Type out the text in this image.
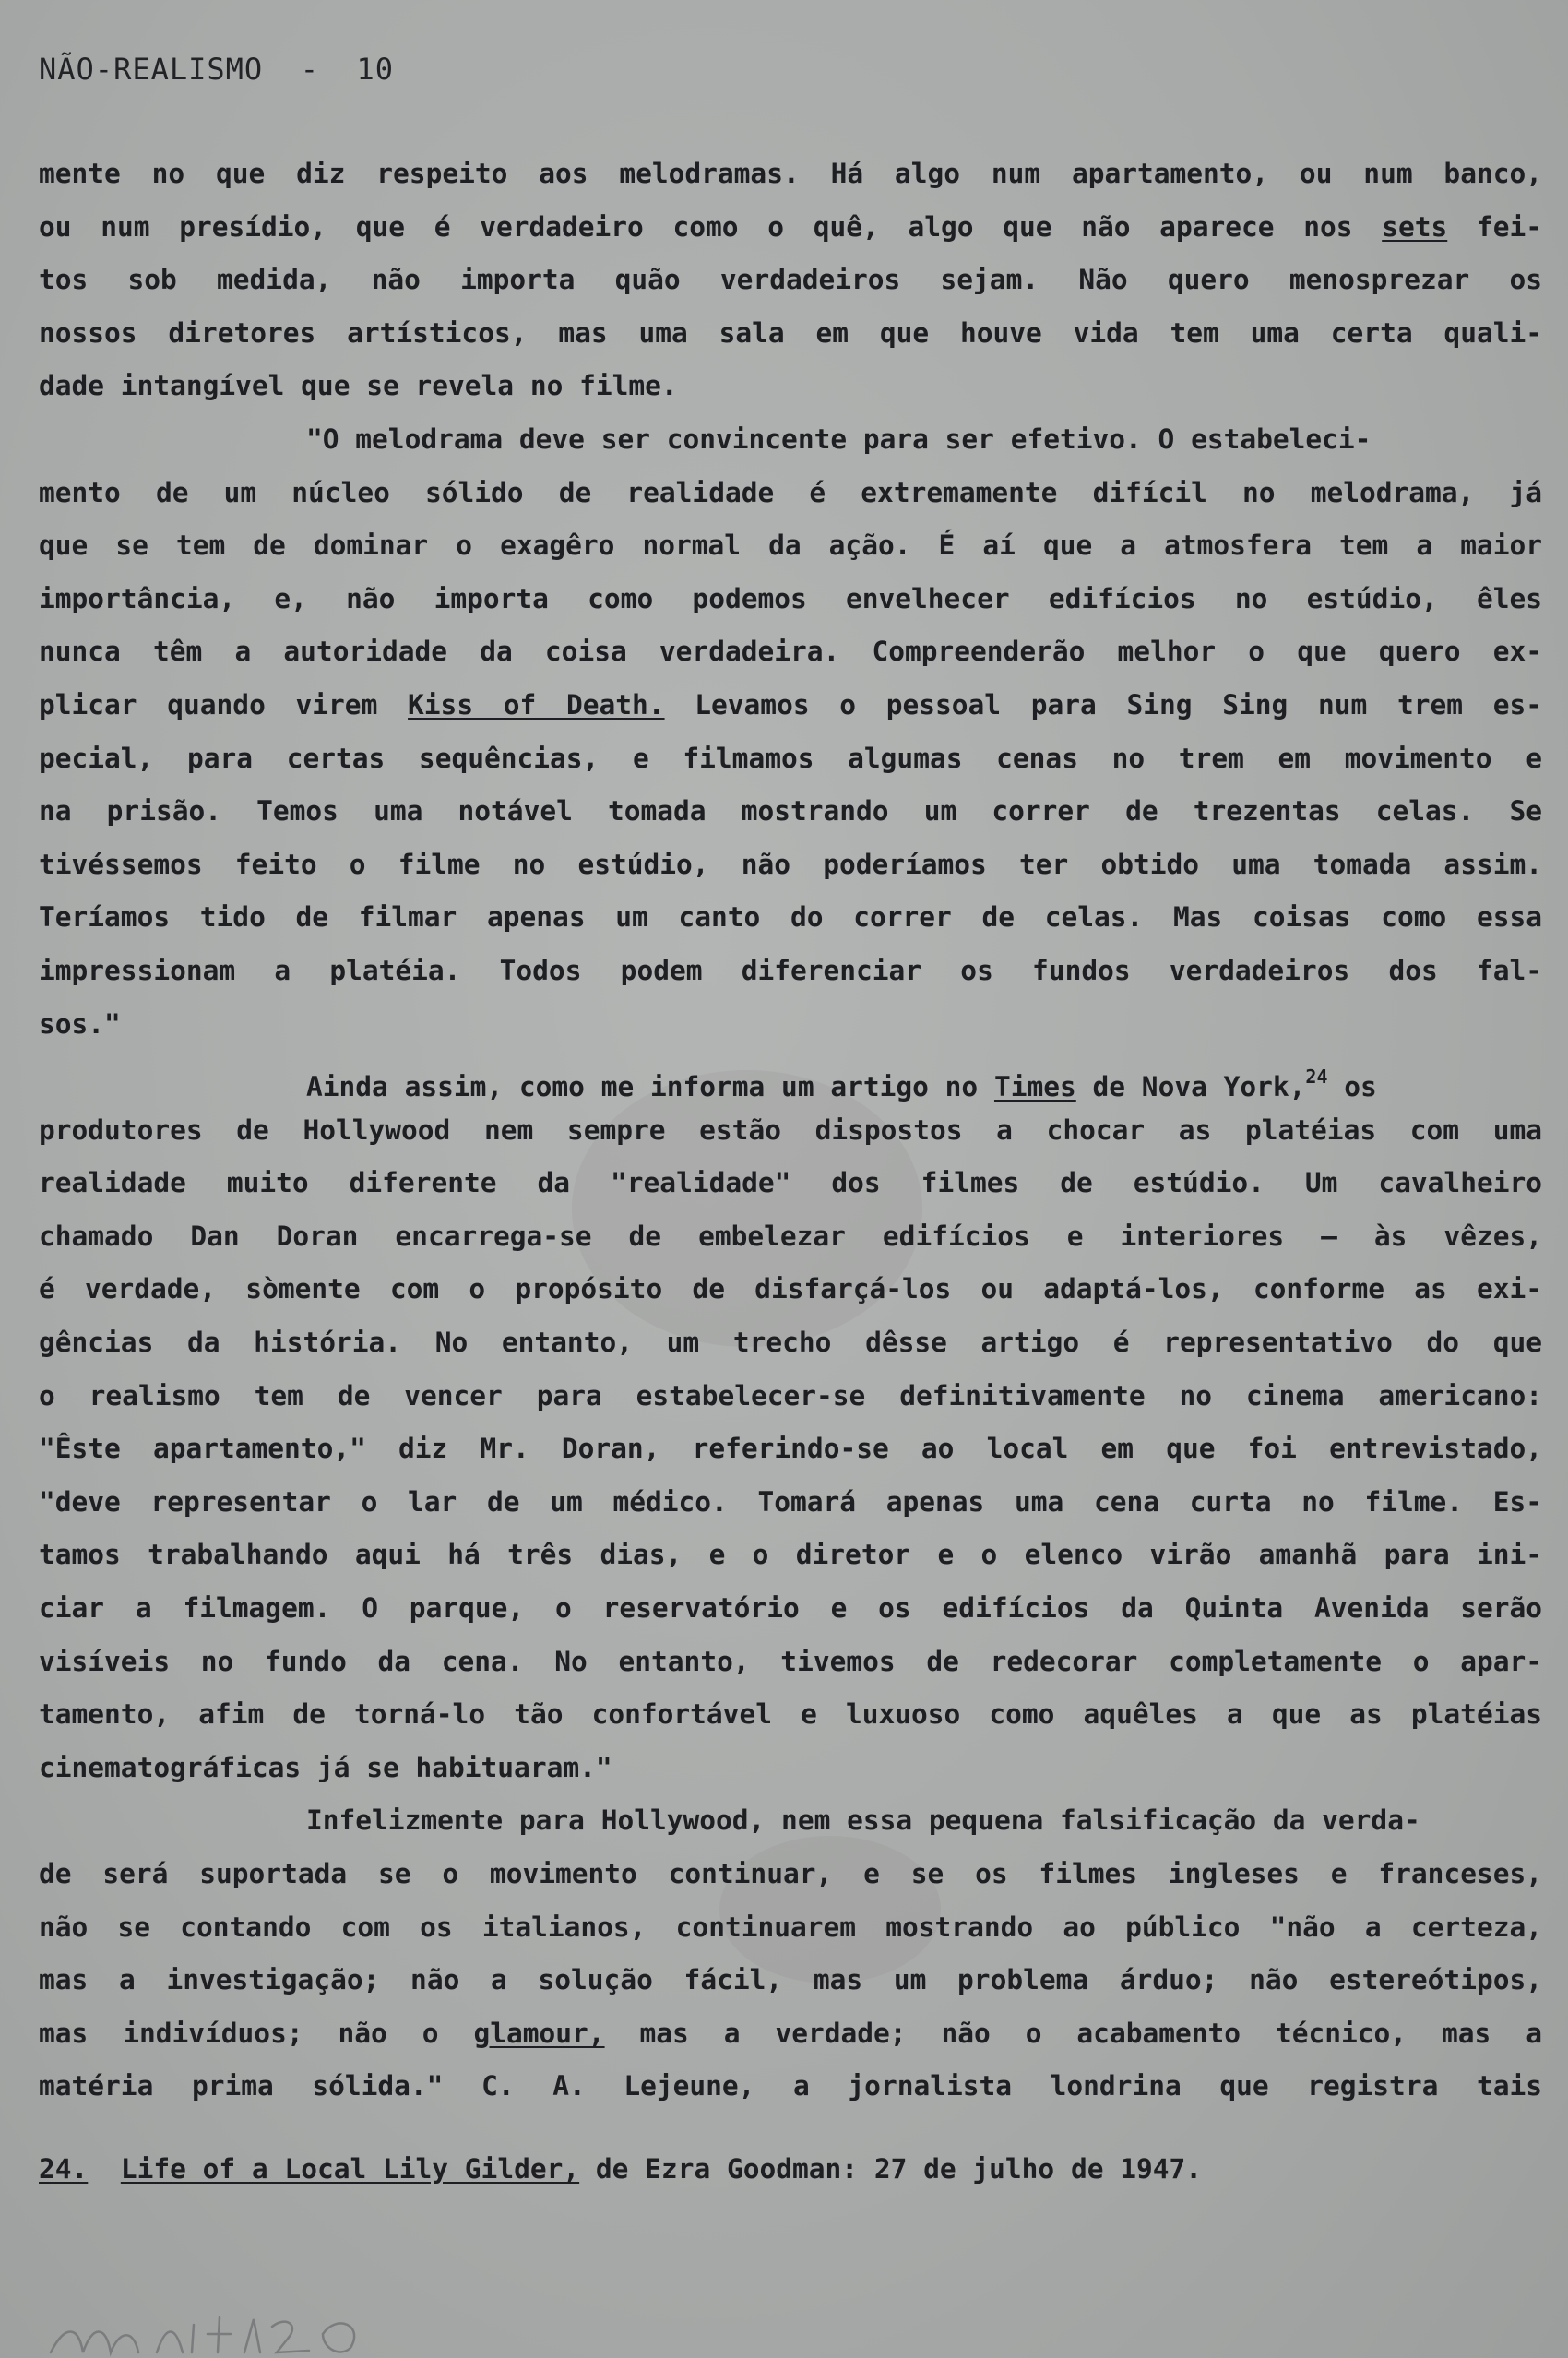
NÃO-REALISMO - 10
mente no que diz respeito aos melodramas. Há algo num apartamento, ou num banco,
ou num presídio, que é verdadeiro como o quê, algo que não aparece nos sets fei-
tos sob medida, não importa quão verdadeiros sejam. Não quero menosprezar os
nossos diretores artísticos, mas uma sala em que houve vida tem uma certa quali-
dade intangível que se revela no filme.
"O melodrama deve ser convincente para ser efetivo. O estabeleci-
mento de um núcleo sólido de realidade é extremamente difícil no melodrama, já
que se tem de dominar o exagêro normal da ação. É aí que a atmosfera tem a maior
importância, e, não importa como podemos envelhecer edifícios no estúdio, êles
nunca têm a autoridade da coisa verdadeira. Compreenderão melhor o que quero ex-
plicar quando virem Kiss of Death. Levamos o pessoal para Sing Sing num trem es-
pecial, para certas sequências, e filmamos algumas cenas no trem em movimento e
na prisão. Temos uma notável tomada mostrando um correr de trezentas celas. Se
tivéssemos feito o filme no estúdio, não poderíamos ter obtido uma tomada assim.
Teríamos tido de filmar apenas um canto do correr de celas. Mas coisas como essa
impressionam a platéia. Todos podem diferenciar os fundos verdadeiros dos fal-
sos."
Ainda assim, como me informa um artigo no Times de Nova York,$^{24}$ os
produtores de Hollywood nem sempre estão dispostos a chocar as platéias com uma
realidade muito diferente da "realidade" dos filmes de estúdio. Um cavalheiro
chamado Dan Doran encarrega-se de embelezar edifícios e interiores — às vêzes,
é verdade, sòmente com o propósito de disfarçá-los ou adaptá-los, conforme as exi-
gências da história. No entanto, um trecho dêsse artigo é representativo do que
o realismo tem de vencer para estabelecer-se definitivamente no cinema americano:
"Êste apartamento," diz Mr. Doran, referindo-se ao local em que foi entrevistado,
"deve representar o lar de um médico. Tomará apenas uma cena curta no filme. Es-
tamos trabalhando aqui há três dias, e o diretor e o elenco virão amanhã para ini-
ciar a filmagem. O parque, o reservatório e os edifícios da Quinta Avenida serão
visíveis no fundo da cena. No entanto, tivemos de redecorar completamente o apar-
tamento, afim de torná-lo tão confortável e luxuoso como aquêles a que as platéias
cinematográficas já se habituaram."
Infelizmente para Hollywood, nem essa pequena falsificação da verda-
de será suportada se o movimento continuar, e se os filmes ingleses e franceses,
não se contando com os italianos, continuarem mostrando ao público "não a certeza,
mas a investigação; não a solução fácil, mas um problema árduo; não estereótipos,
mas indivíduos; não o glamour, mas a verdade; não o acabamento técnico, mas a
matéria prima sólida." C. A. Lejeune, a jornalista londrina que registra tais
24. Life of a Local Lily Gilder, de Ezra Goodman: 27 de julho de 1947.
